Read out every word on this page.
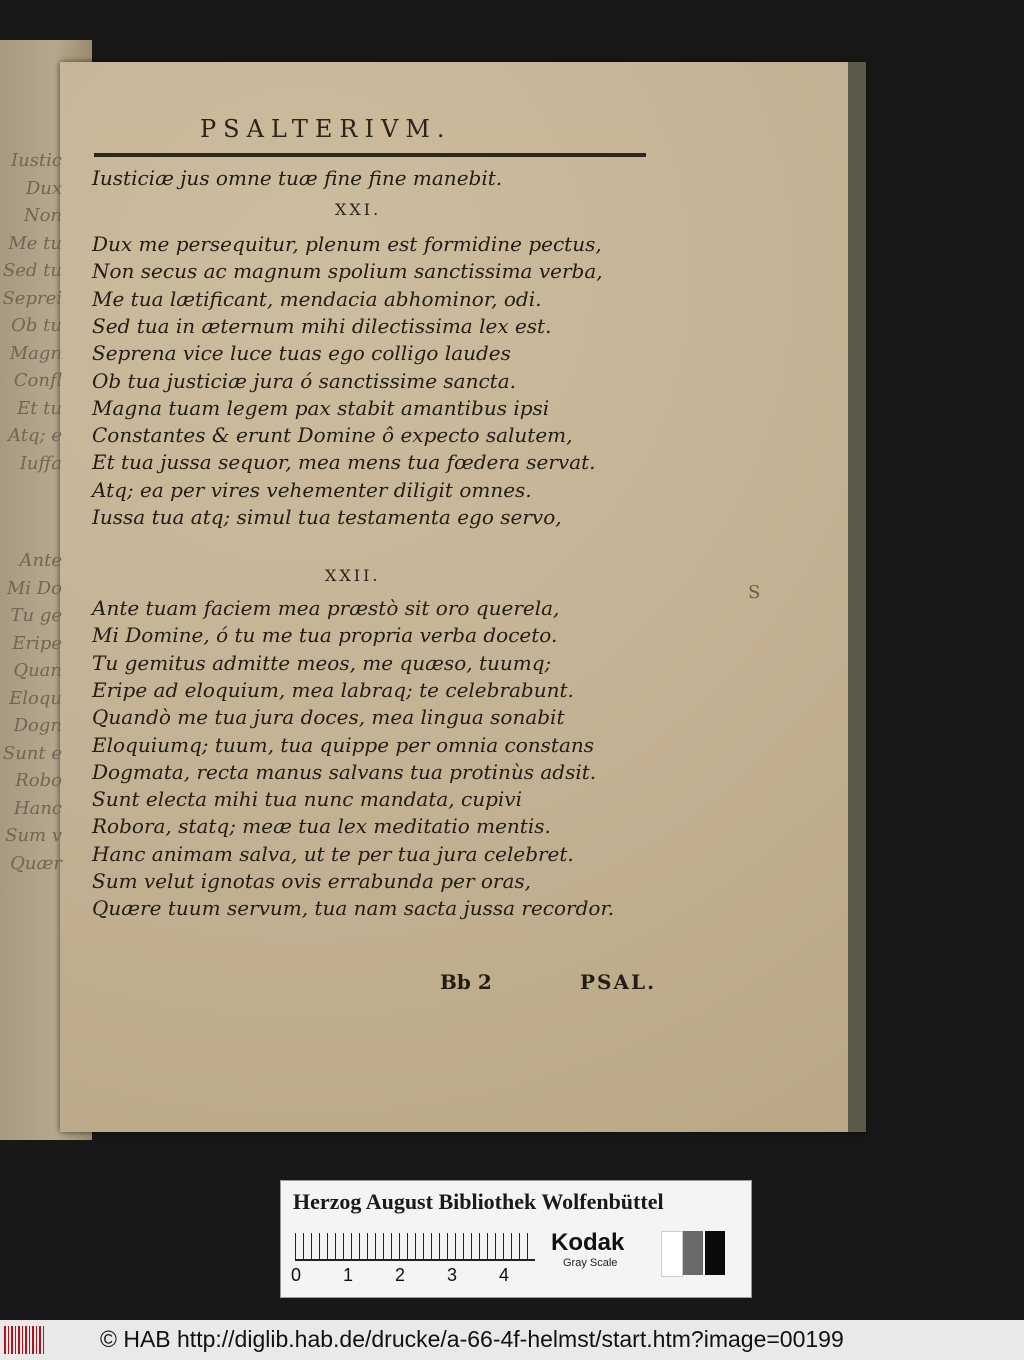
Iustic
Dux
Non
Me tu
Sed tu
Seprei
Ob tu
Magn
Confl
Et tu
Atq; e
Iuffa
Ante
Mi Do
Tu ge
Eripe
Quan
Eloqu
Dogn
Sunt e
Robo
Hanc
Sum v
Quær
PSALTERIVM.
Iusticiæ jus omne tuæ fine fine manebit.
XXI.
Dux me persequitur, plenum est formidine pectus,
Non secus ac magnum spolium sanctissima verba,
Me tua lætificant, mendacia abhominor, odi.
Sed tua in æternum mihi dilectissima lex est.
Seprena vice luce tuas ego colligo laudes
Ob tua justiciæ jura ó sanctissime sancta.
Magna tuam legem pax stabit amantibus ipsi
Constantes & erunt Domine ô expecto salutem,
Et tua jussa sequor, mea mens tua fœdera servat.
Atq; ea per vires vehementer diligit omnes.
Iussa tua atq; simul tua testamenta ego servo,
XXII.
Ante tuam faciem mea præstò sit oro querela,
Mi Domine, ó tu me tua propria verba doceto.
Tu gemitus admitte meos, me quæso, tuumq;
Eripe ad eloquium, mea labraq; te celebrabunt.
Quandò me tua jura doces, mea lingua sonabit
Eloquiumq; tuum, tua quippe per omnia constans
Dogmata, recta manus salvans tua protinùs adsit.
Sunt electa mihi tua nunc mandata, cupivi
Robora, statq; meæ tua lex meditatio mentis.
Hanc animam salva, ut te per tua jura celebret.
Sum velut ignotas ovis errabunda per oras,
Quære tuum servum, tua nam sacta jussa recordor.
S
Bb 2	PSAL.
Herzog August Bibliothek Wolfenbüttel
0 1 2 3 4
Kodak
Gray Scale
© HAB http://diglib.hab.de/drucke/a-66-4f-helmst/start.htm?image=00199
